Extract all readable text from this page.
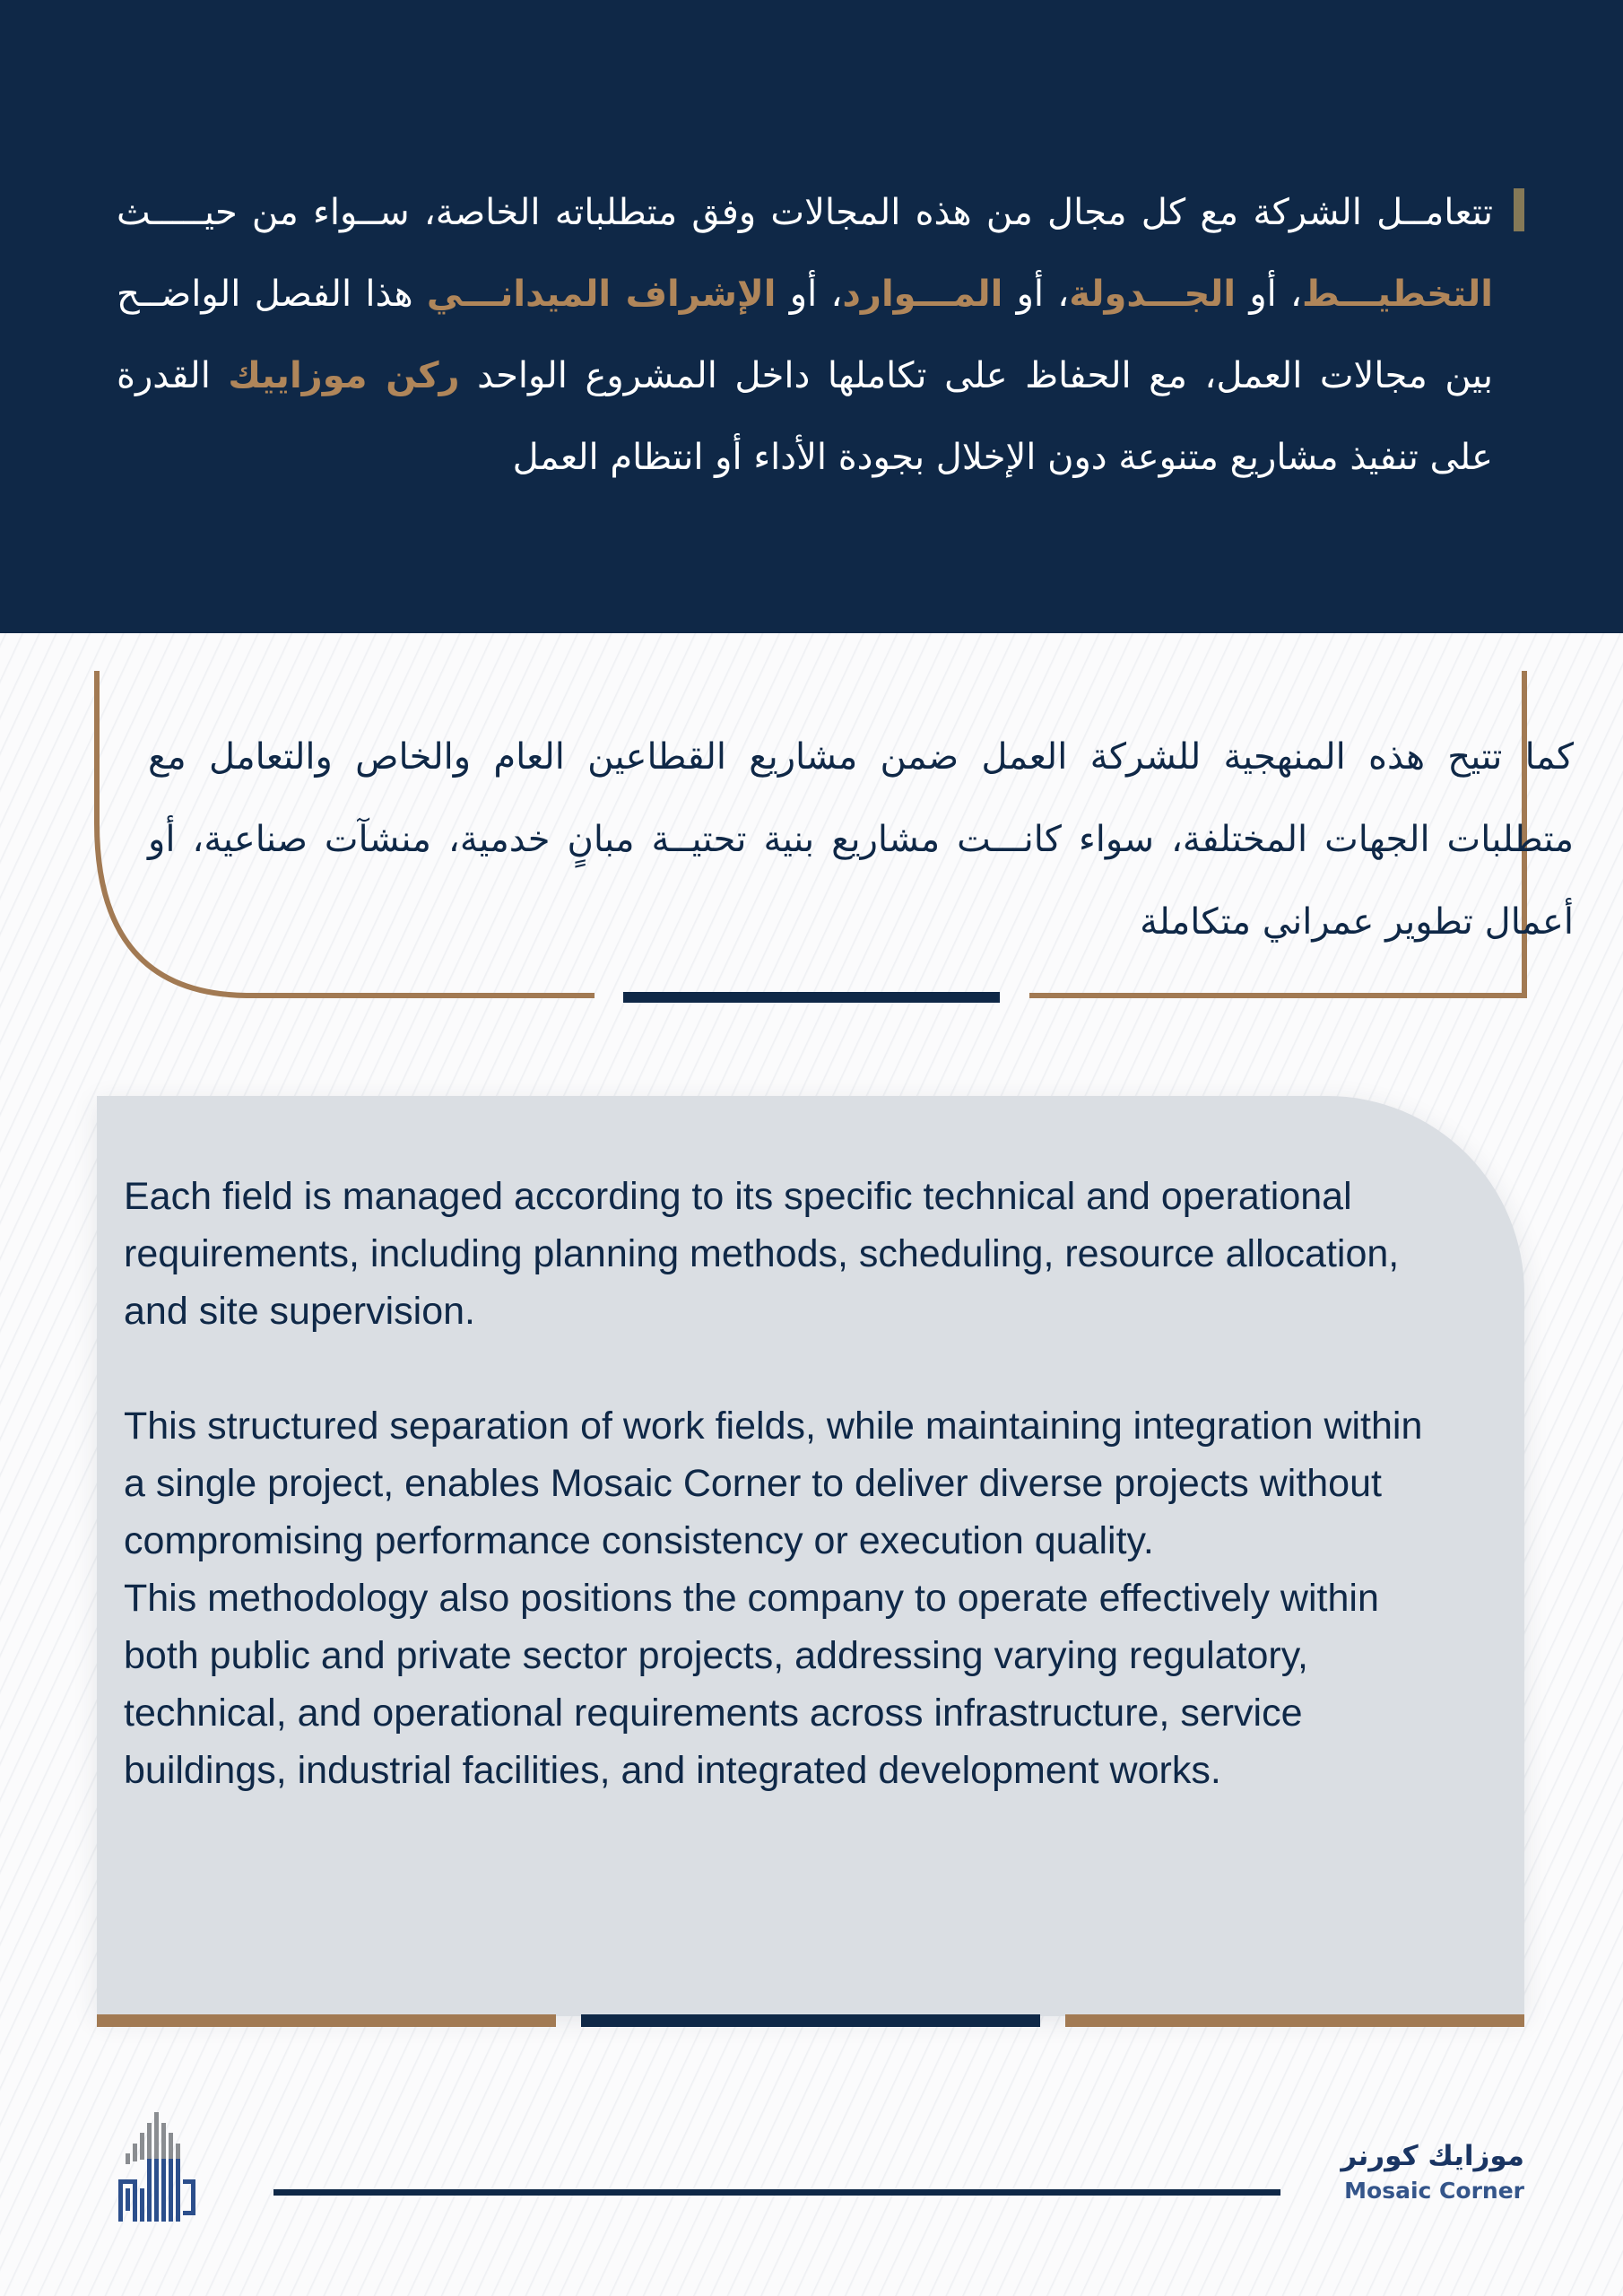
تتعامــل الشركة مع كل مجال من هذه المجالات وفق متطلباته الخاصة، ســواء من حيـــــث التخطيـــط، أو الجـــدولة، أو المـــوارد، أو الإشراف الميدانـــي هذا الفصل الواضــح بين مجالات العمل، مع الحفاظ على تكاملها داخل المشروع الواحد ركن موزاييك القدرة على تنفيذ مشاريع متنوعة دون الإخلال بجودة الأداء أو انتظام العمل

كما تتيح هذه المنهجية للشركة العمل ضمن مشاريع القطاعين العام والخاص والتعامل مع متطلبات الجهات المختلفة، سواء كانـــت مشاريع بنية تحتيــة مبانٍ خدمية، منشآت صناعية، أو أعمال تطوير عمراني متكاملة

Each field is managed according to its specific technical and operational requirements, including planning methods, scheduling, resource allocation, and site supervision.

This structured separation of work fields, while maintaining integration within a single project, enables Mosaic Corner to deliver diverse projects without compromising performance consistency or execution quality.

This methodology also positions the company to operate effectively within both public and private sector projects, addressing varying regulatory, technical, and operational requirements across infrastructure, service buildings, industrial facilities, and integrated development works.

موزايك كورنر
Mosaic Corner
